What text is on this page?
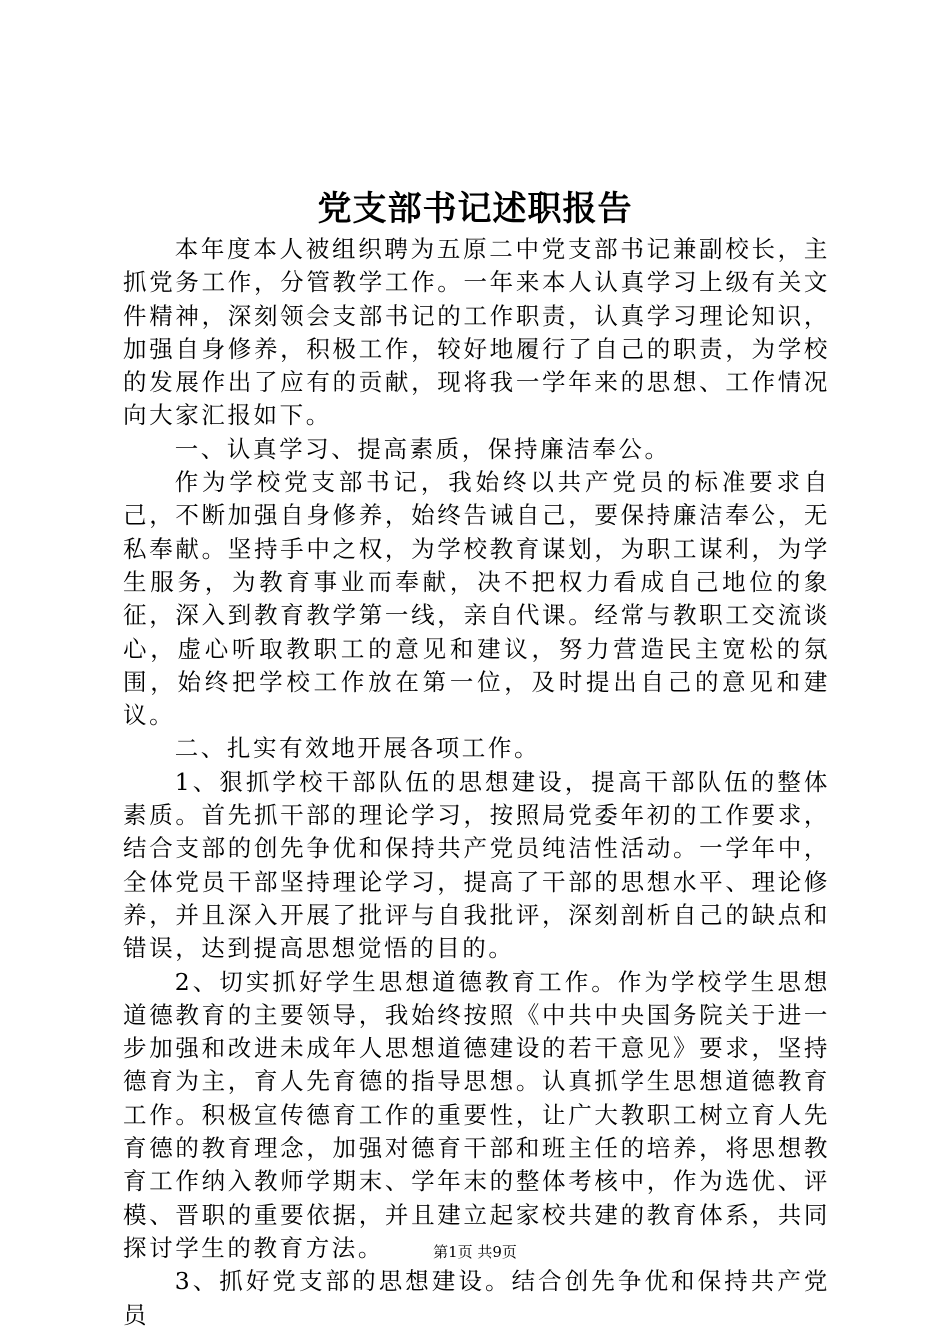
党支部书记述职报告

本年度本人被组织聘为五原二中党支部书记兼副校长，主抓党务工作，分管教学工作。一年来本人认真学习上级有关文件精神，深刻领会支部书记的工作职责，认真学习理论知识，加强自身修养，积极工作，较好地履行了自己的职责，为学校的发展作出了应有的贡献，现将我一学年来的思想、工作情况向大家汇报如下。

一、认真学习、提高素质，保持廉洁奉公。

作为学校党支部书记，我始终以共产党员的标准要求自己，不断加强自身修养，始终告诫自己，要保持廉洁奉公，无私奉献。坚持手中之权，为学校教育谋划，为职工谋利，为学生服务，为教育事业而奉献，决不把权力看成自己地位的象征，深入到教育教学第一线，亲自代课。经常与教职工交流谈心，虚心听取教职工的意见和建议，努力营造民主宽松的氛围，始终把学校工作放在第一位，及时提出自己的意见和建议。

二、扎实有效地开展各项工作。

1、狠抓学校干部队伍的思想建设，提高干部队伍的整体素质。首先抓干部的理论学习，按照局党委年初的工作要求，结合支部的创先争优和保持共产党员纯洁性活动。一学年中，全体党员干部坚持理论学习，提高了干部的思想水平、理论修养，并且深入开展了批评与自我批评，深刻剖析自己的缺点和错误，达到提高思想觉悟的目的。

2、切实抓好学生思想道德教育工作。作为学校学生思想道德教育的主要领导，我始终按照《中共中央国务院关于进一步加强和改进未成年人思想道德建设的若干意见》要求，坚持德育为主，育人先育德的指导思想。认真抓学生思想道德教育工作。积极宣传德育工作的重要性，让广大教职工树立育人先育德的教育理念，加强对德育干部和班主任的培养，将思想教育工作纳入教师学期末、学年末的整体考核中，作为选优、评模、晋职的重要依据，并且建立起家校共建的教育体系，共同探讨学生的教育方法。

3、抓好党支部的思想建设。结合创先争优和保持共产党员

第1页 共9页
